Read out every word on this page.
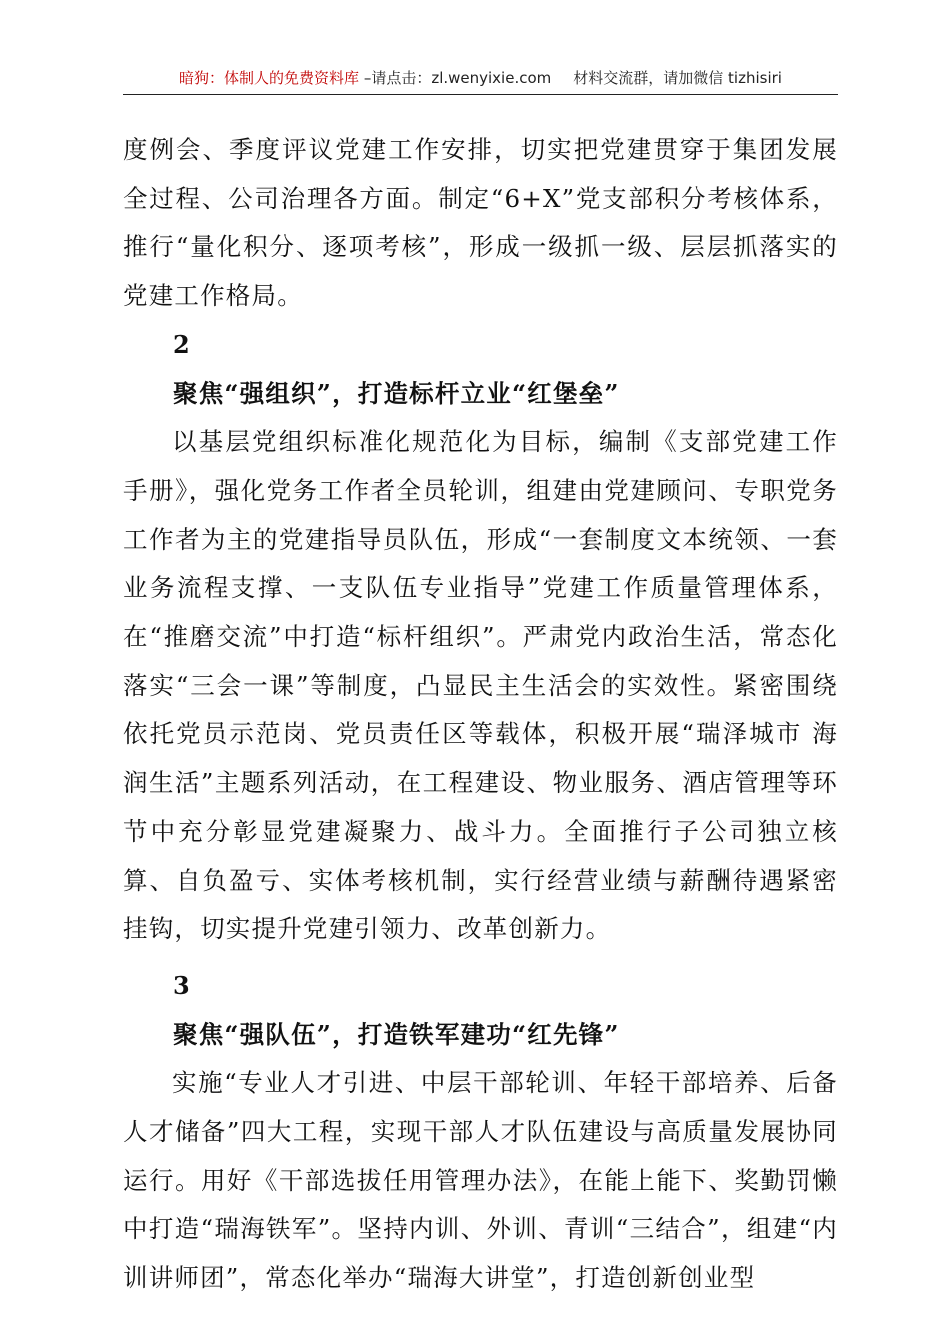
暗狗：体制人的免费资料库 –请点击：zl.wenyixie.com 材料交流群，请加微信 tizhisiri

度例会、季度评议党建工作安排，切实把党建贯穿于集团发展全过程、公司治理各方面。制定“6+X”党支部积分考核体系，推行“量化积分、逐项考核”，形成一级抓一级、层层抓落实的党建工作格局。

2

聚焦“强组织”，打造标杆立业“红堡垒”

以基层党组织标准化规范化为目标，编制《支部党建工作手册》，强化党务工作者全员轮训，组建由党建顾问、专职党务工作者为主的党建指导员队伍，形成“一套制度文本统领、一套业务流程支撑、一支队伍专业指导”党建工作质量管理体系，在“推磨交流”中打造“标杆组织”。严肃党内政治生活，常态化落实“三会一课”等制度，凸显民主生活会的实效性。紧密围绕依托党员示范岗、党员责任区等载体，积极开展“瑞泽城市 海润生活”主题系列活动，在工程建设、物业服务、酒店管理等环节中充分彰显党建凝聚力、战斗力。全面推行子公司独立核算、自负盈亏、实体考核机制，实行经营业绩与薪酬待遇紧密挂钩，切实提升党建引领力、改革创新力。

3

聚焦“强队伍”，打造铁军建功“红先锋”

实施“专业人才引进、中层干部轮训、年轻干部培养、后备人才储备”四大工程，实现干部人才队伍建设与高质量发展协同运行。用好《干部选拔任用管理办法》，在能上能下、奖勤罚懒中打造“瑞海铁军”。坚持内训、外训、青训“三结合”，组建“内训讲师团”，常态化举办“瑞海大讲堂”，打造创新创业型
